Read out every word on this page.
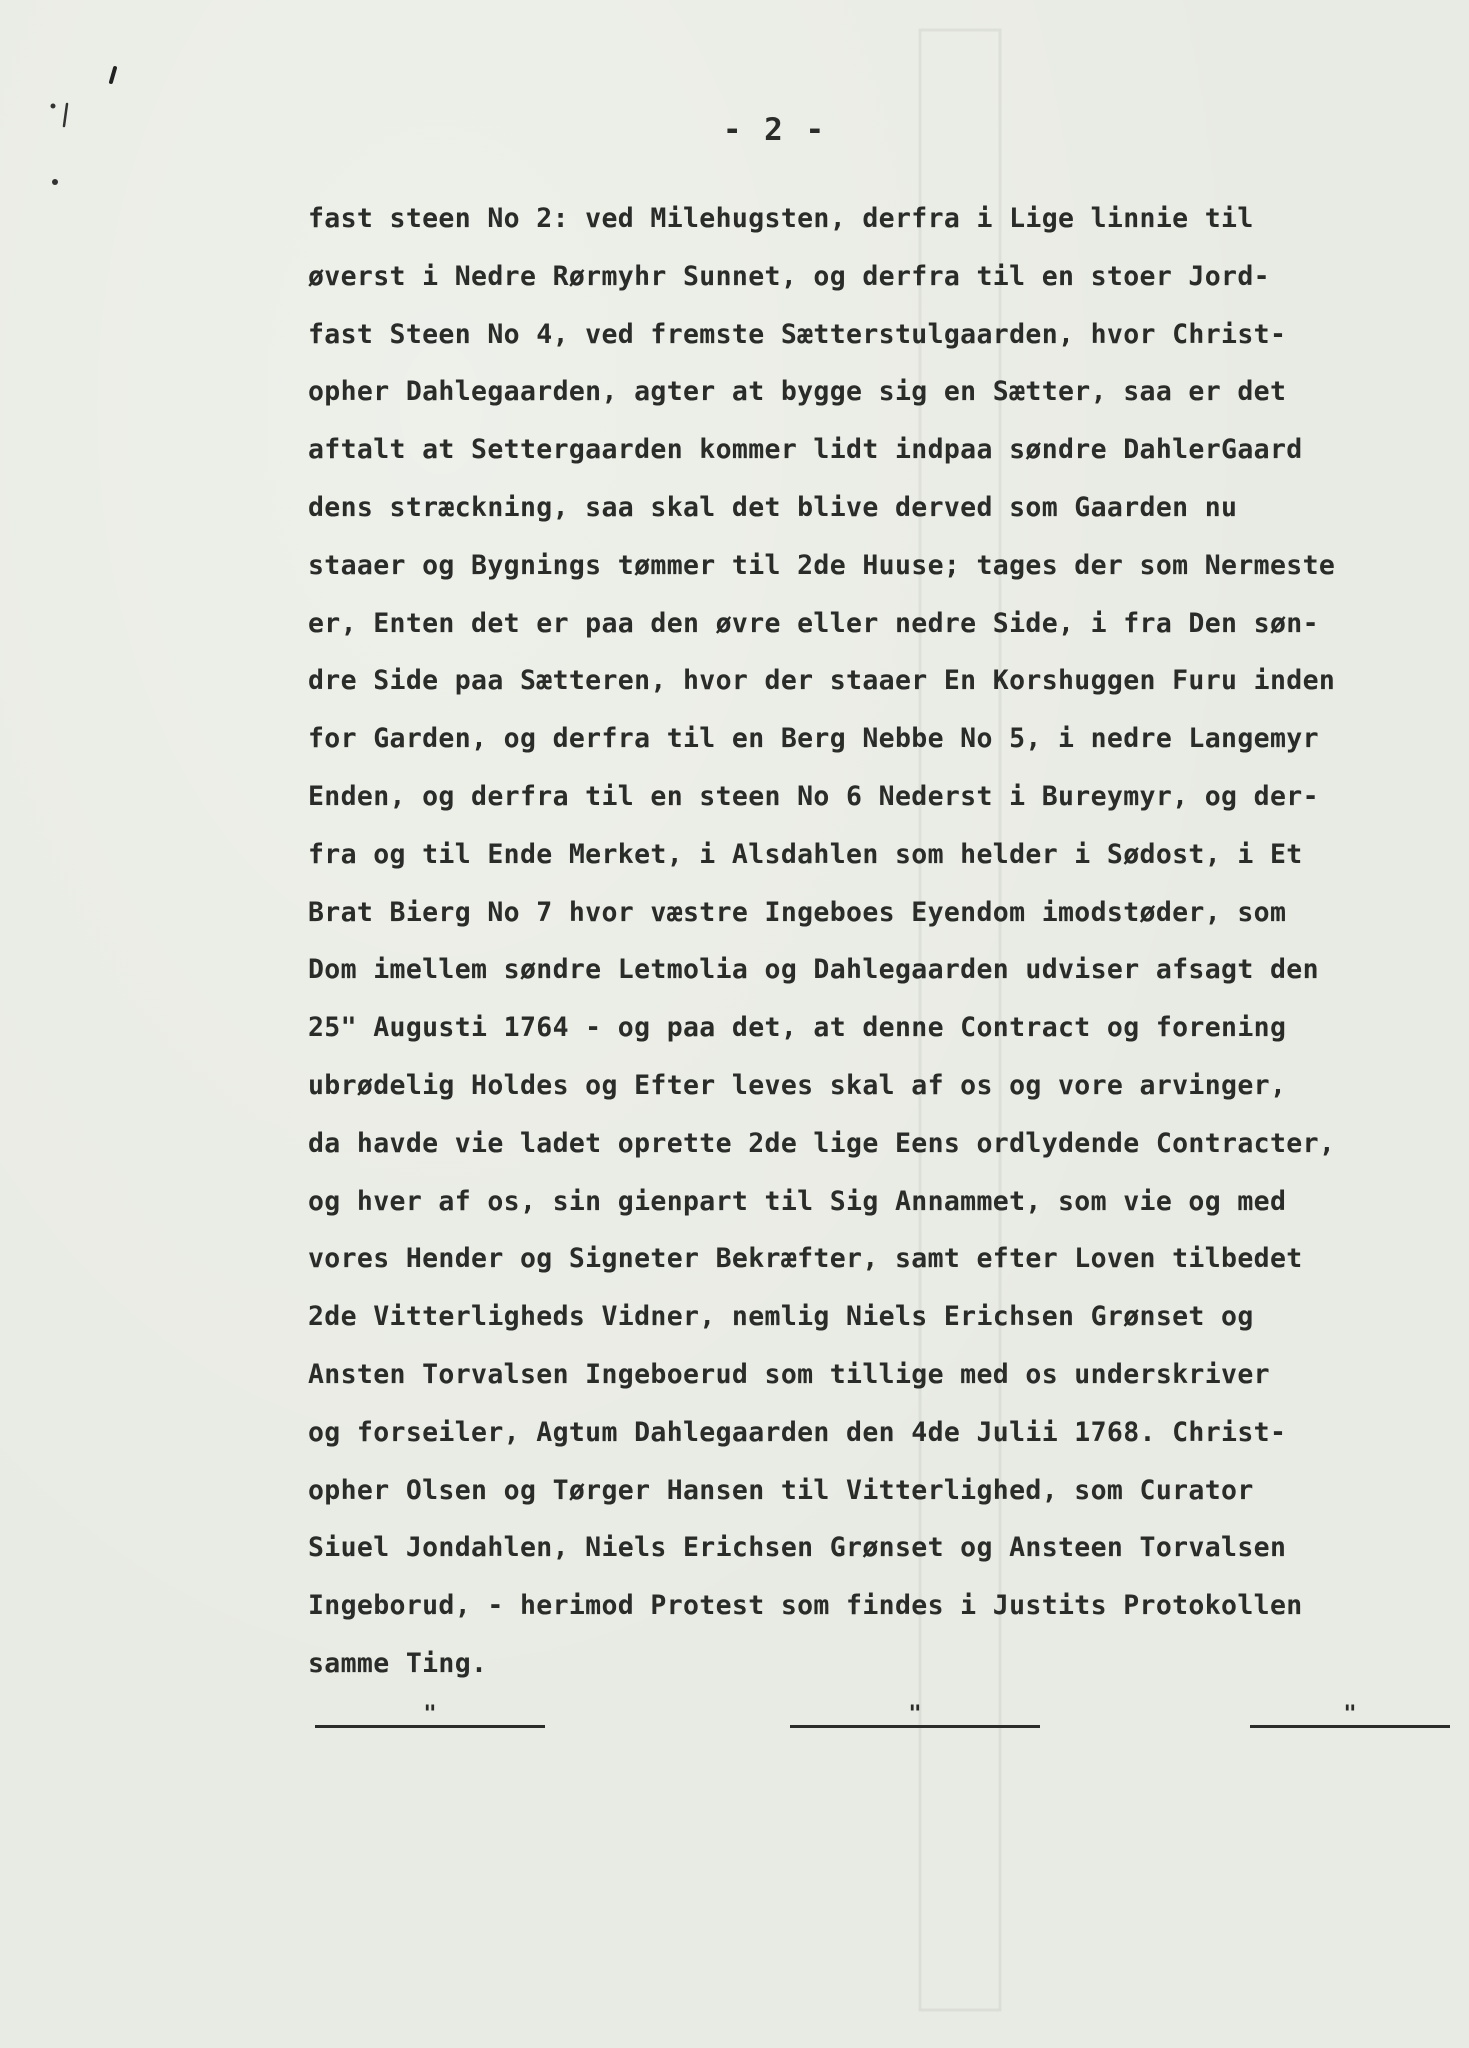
- 2 -
fast steen No 2: ved Milehugsten, derfra i Lige linnie til
øverst i Nedre Rørmyhr Sunnet, og derfra til en stoer Jord-
fast Steen No 4, ved fremste Sætterstulgaarden, hvor Christ-
opher Dahlegaarden, agter at bygge sig en Sætter, saa er det
aftalt at Settergaarden kommer lidt indpaa søndre DahlerGaard
dens stræckning, saa skal det blive derved som Gaarden nu
staaer og Bygnings tømmer til 2de Huuse; tages der som Nermeste
er, Enten det er paa den øvre eller nedre Side, i fra Den søn-
dre Side paa Sætteren, hvor der staaer En Korshuggen Furu inden
for Garden, og derfra til en Berg Nebbe No 5, i nedre Langemyr
Enden, og derfra til en steen No 6 Nederst i Bureymyr, og der-
fra og til Ende Merket, i Alsdahlen som helder i Sødost, i Et
Brat Bierg No 7 hvor væstre Ingeboes Eyendom imodstøder, som
Dom imellem søndre Letmolia og Dahlegaarden udviser afsagt den
25" Augusti 1764 - og paa det, at denne Contract og forening
ubrødelig Holdes og Efter leves skal af os og vore arvinger,
da havde vie ladet oprette 2de lige Eens ordlydende Contracter,
og hver af os, sin gienpart til Sig Annammet, som vie og med
vores Hender og Signeter Bekræfter, samt efter Loven tilbedet
2de Vitterligheds Vidner, nemlig Niels Erichsen Grønset og
Ansten Torvalsen Ingeboerud som tillige med os underskriver
og forseiler, Agtum Dahlegaarden den 4de Julii 1768. Christ-
opher Olsen og Tørger Hansen til Vitterlighed, som Curator
Siuel Jondahlen, Niels Erichsen Grønset og Ansteen Torvalsen
Ingeborud, - herimod Protest som findes i Justits Protokollen
samme Ting.
"	"	"
